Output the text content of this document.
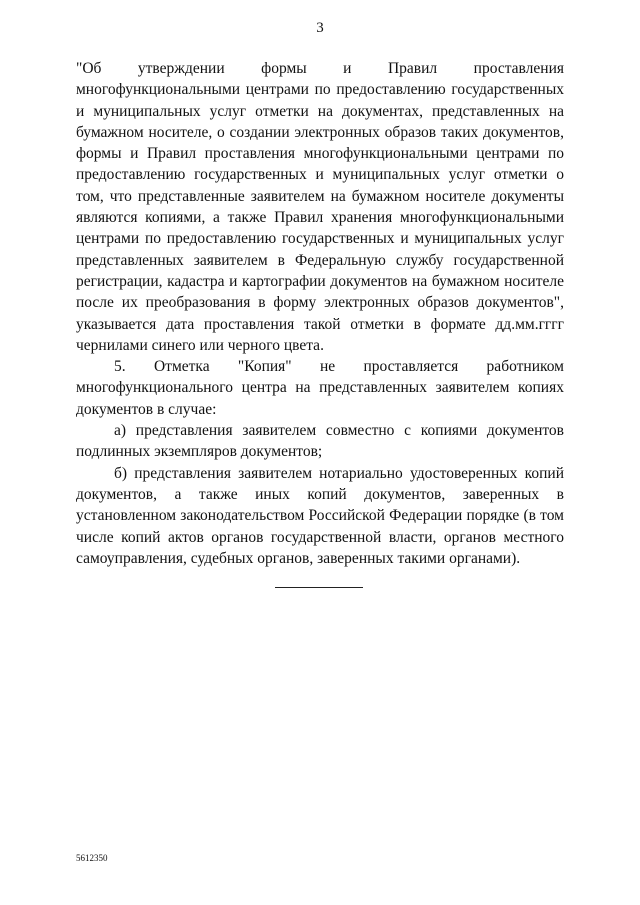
3

"Об утверждении формы и Правил проставления многофункциональными центрами по предоставлению государственных и муниципальных услуг отметки на документах, представленных на бумажном носителе, о создании электронных образов таких документов, формы и Правил проставления многофункциональными центрами по предоставлению государственных и муниципальных услуг отметки о том, что представленные заявителем на бумажном носителе документы являются копиями, а также Правил хранения многофункциональными центрами по предоставлению государственных и муниципальных услуг представленных заявителем в Федеральную службу государственной регистрации, кадастра и картографии документов на бумажном носителе после их преобразования в форму электронных образов документов", указывается дата проставления такой отметки в формате дд.мм.гггг чернилами синего или черного цвета.

5. Отметка "Копия" не проставляется работником многофункционального центра на представленных заявителем копиях документов в случае:

а) представления заявителем совместно с копиями документов подлинных экземпляров документов;

б) представления заявителем нотариально удостоверенных копий документов, а также иных копий документов, заверенных в установленном законодательством Российской Федерации порядке (в том числе копий актов органов государственной власти, органов местного самоуправления, судебных органов, заверенных такими органами).

5612350
